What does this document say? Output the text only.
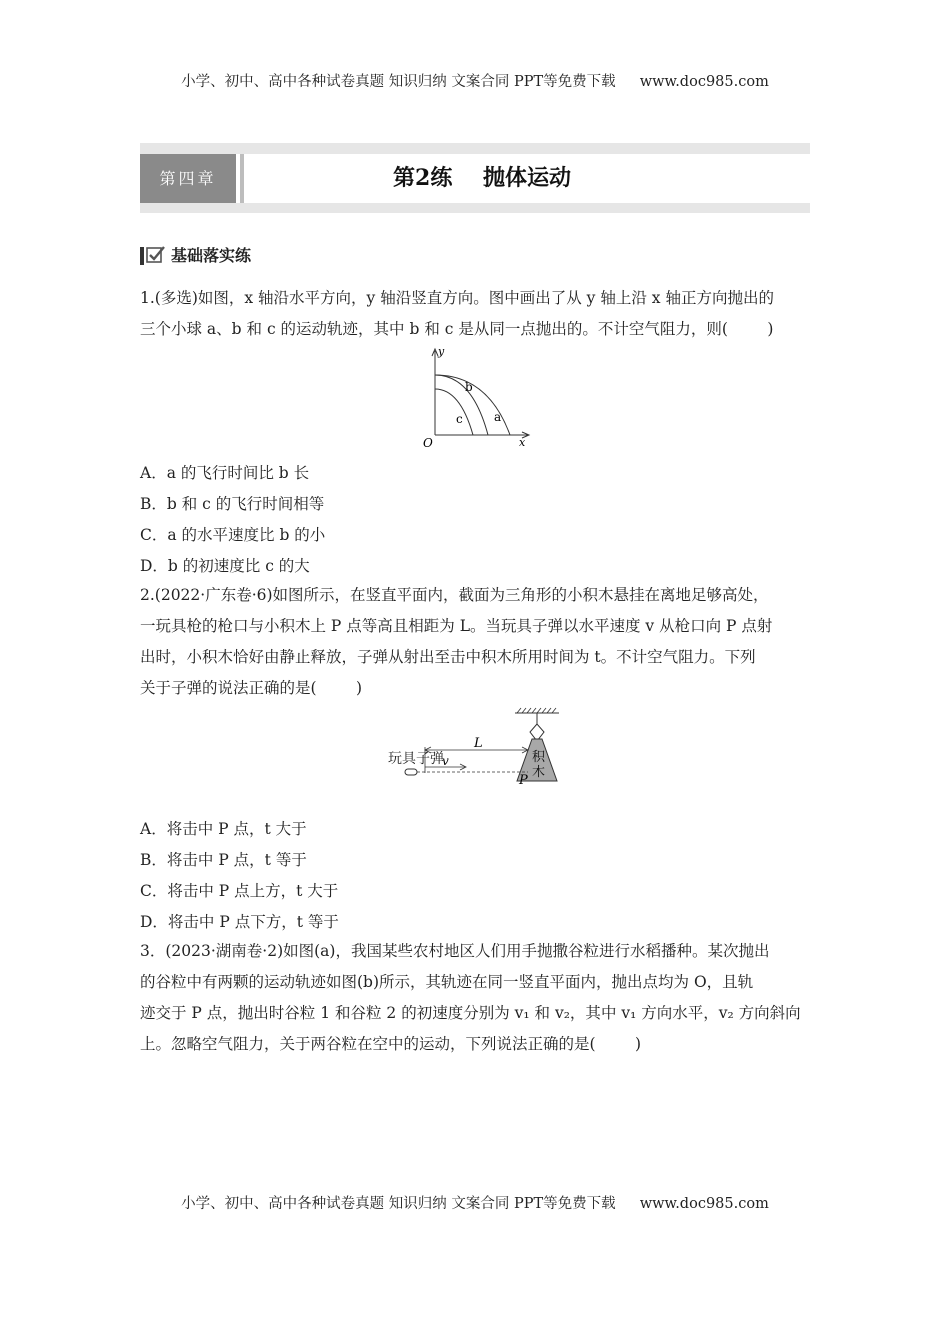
小学、初中、高中各种试卷真题 知识归纳 文案合同 PPT等免费下载 www.doc985.com
第四章	第2练    抛体运动
基础落实练
1.(多选)如图，x 轴沿水平方向，y 轴沿竖直方向。图中画出了从 y 轴上沿 x 轴正方向抛出的
三个小球 a、b 和 c 的运动轨迹，其中 b 和 c 是从同一点抛出的。不计空气阻力，则(        )
y
x
O
b
c	a
A．a 的飞行时间比 b 长
B．b 和 c 的飞行时间相等
C．a 的水平速度比 b 的小
D．b 的初速度比 c 的大
2.(2022·广东卷·6)如图所示，在竖直平面内，截面为三角形的小积木悬挂在离地足够高处，
一玩具枪的枪口与小积木上 P 点等高且相距为 L。当玩具子弹以水平速度 v 从枪口向 P 点射
出时，小积木恰好由静止释放，子弹从射出至击中积木所用时间为 t。不计空气阻力。下列
关于子弹的说法正确的是(        )
积
木
L
v
P
玩具子弹
A．将击中 P 点，t 大于
B．将击中 P 点，t 等于
C．将击中 P 点上方，t 大于
D．将击中 P 点下方，t 等于
3．(2023·湖南卷·2)如图(a)，我国某些农村地区人们用手抛撒谷粒进行水稻播种。某次抛出
的谷粒中有两颗的运动轨迹如图(b)所示，其轨迹在同一竖直平面内，抛出点均为 O，且轨
迹交于 P 点，抛出时谷粒 1 和谷粒 2 的初速度分别为 v₁ 和 v₂，其中 v₁ 方向水平，v₂ 方向斜向
上。忽略空气阻力，关于两谷粒在空中的运动，下列说法正确的是(        )
小学、初中、高中各种试卷真题 知识归纳 文案合同 PPT等免费下载 www.doc985.com
